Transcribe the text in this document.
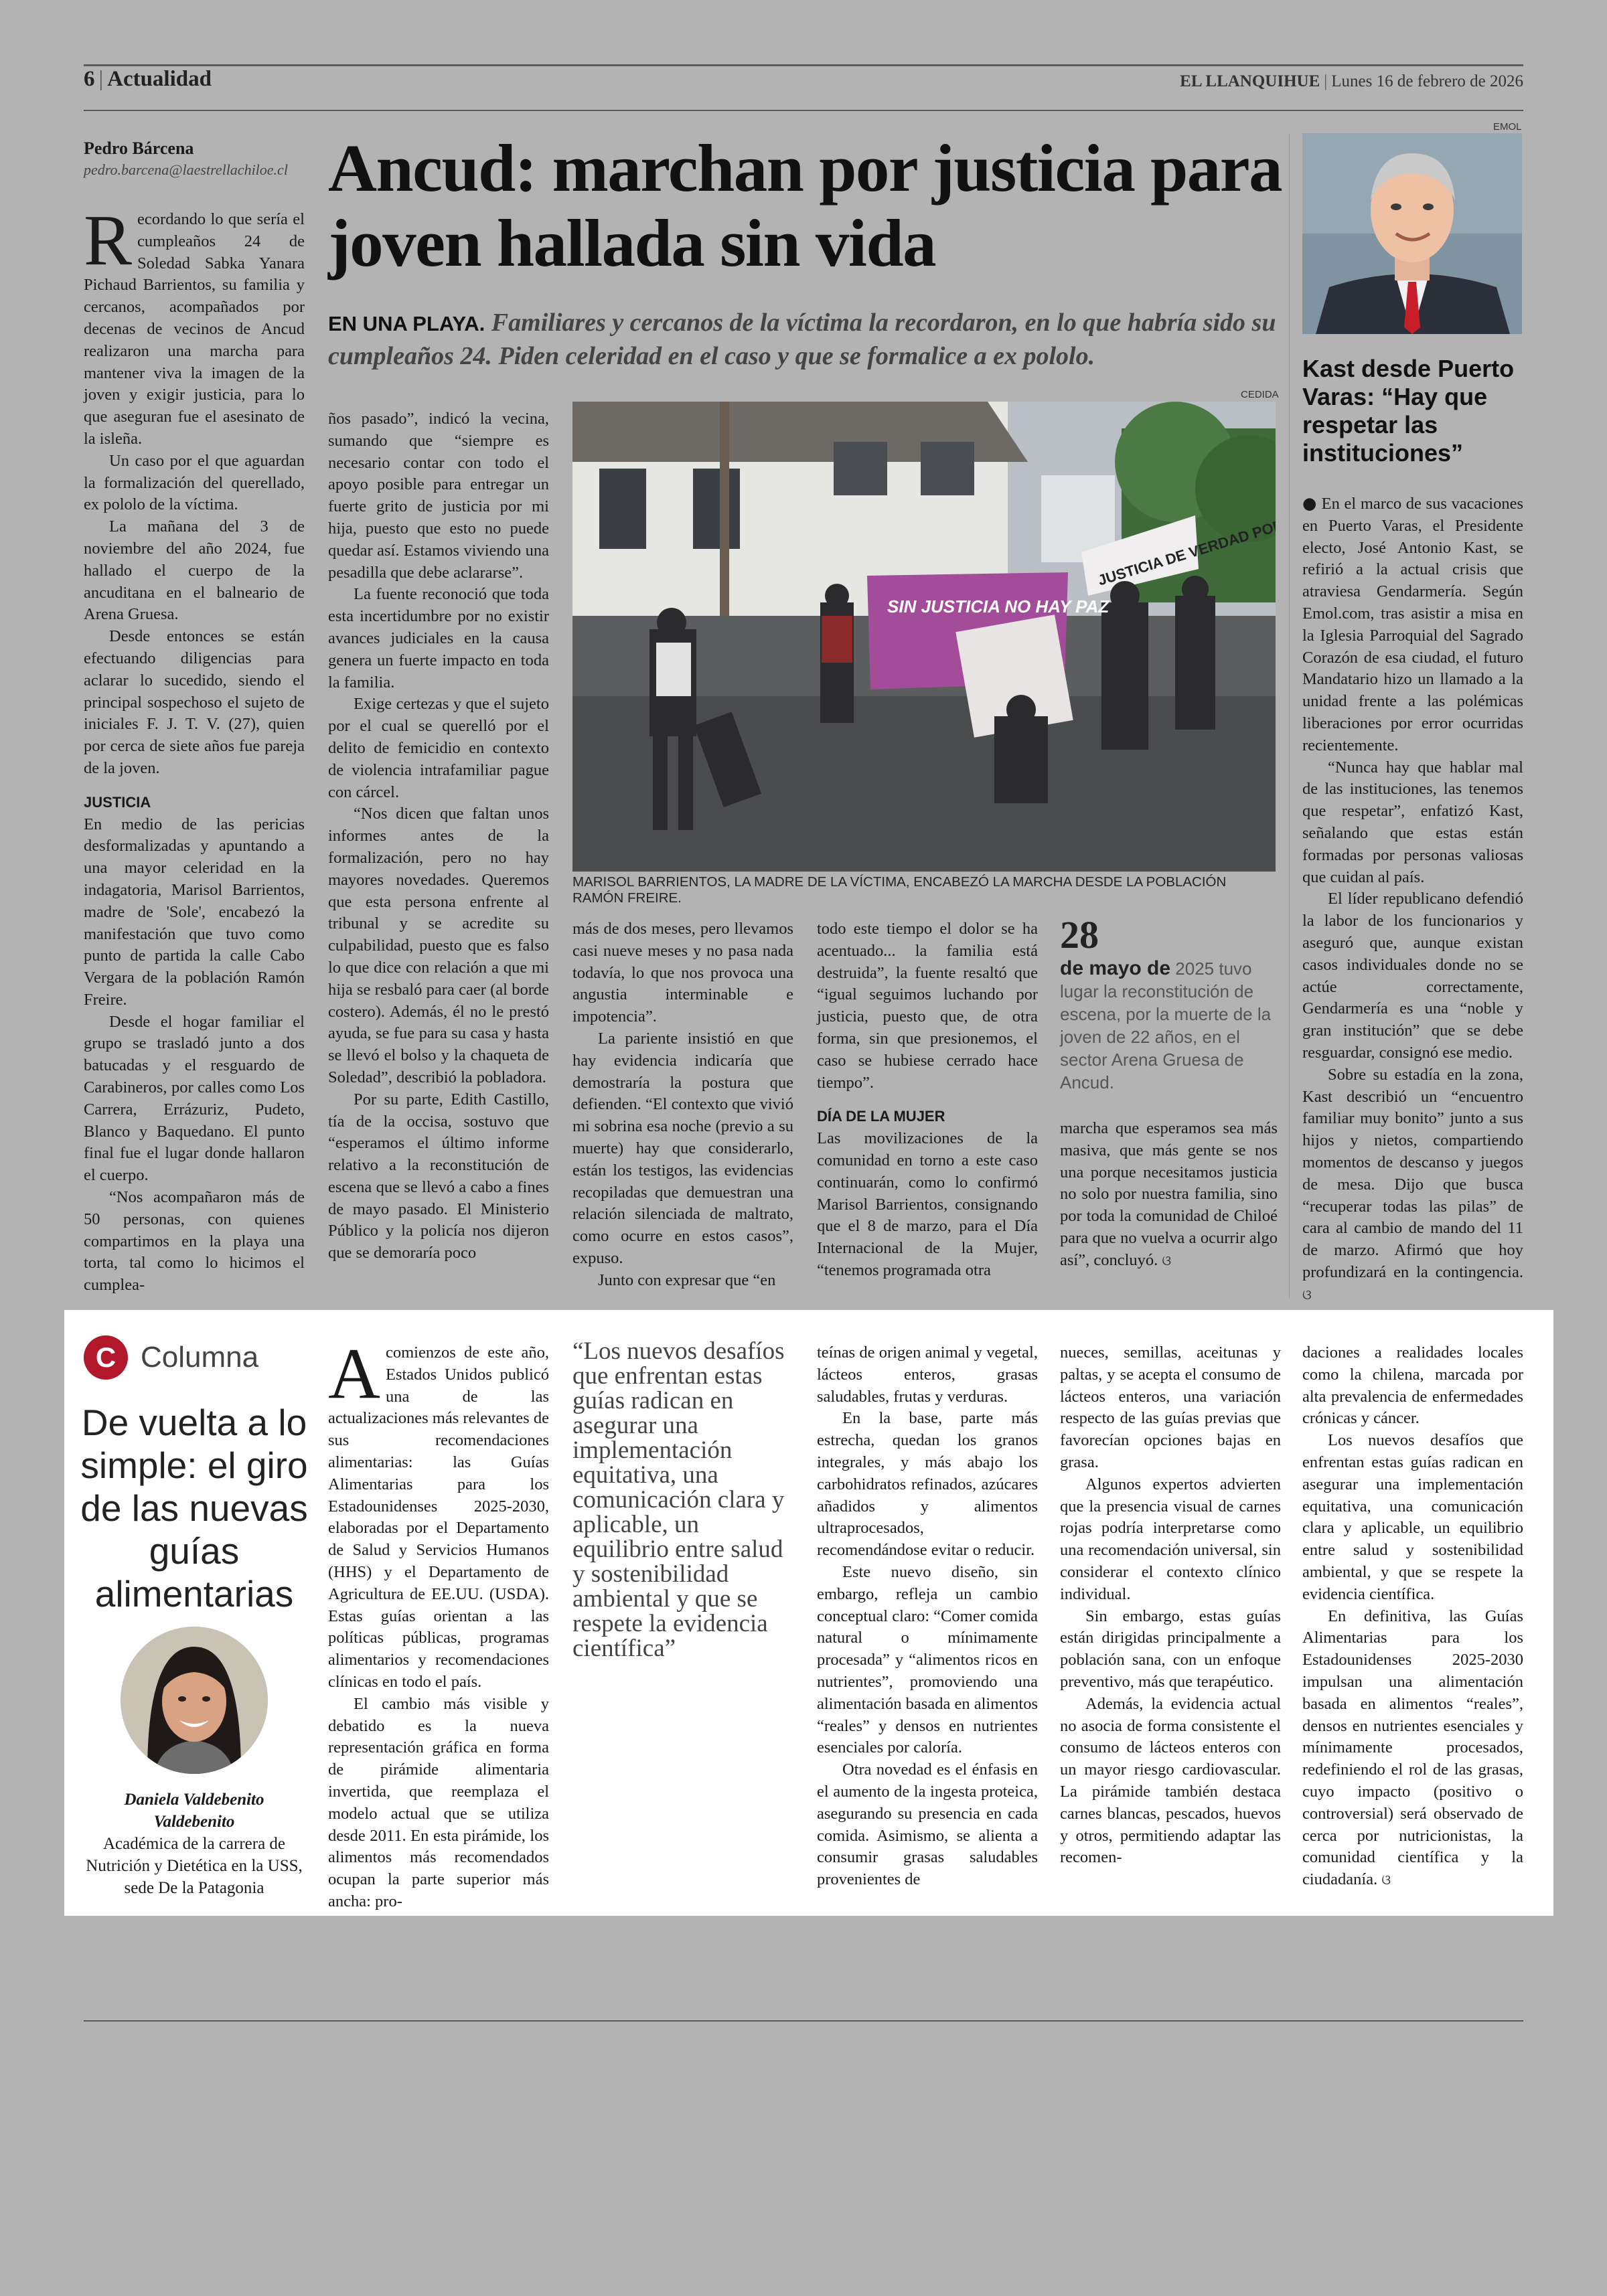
6 | Actualidad	EL LLANQUIHUE | Lunes 16 de febrero de 2026
Pedro Bárcena
pedro.barcena@laestrellachiloe.cl Ancud: marchan por justicia para joven hallada sin vida
EN UNA PLAYA. Familiares y cercanos de la víctima la recordaron, en lo que habría sido su cumpleaños 24. Piden celeridad en el caso y que se formalice a ex pololo.

Recordando lo que sería el cumpleaños 24 de Soledad Sabka Yanara Pichaud Barrientos, su familia y cercanos, acompañados por decenas de vecinos de Ancud realizaron una marcha para mantener viva la imagen de la joven y exigir justicia, para lo que aseguran fue el asesinato de la isleña.

Un caso por el que aguardan la formalización del querellado, ex pololo de la víctima.

La mañana del 3 de noviembre del año 2024, fue hallado el cuerpo de la ancuditana en el balneario de Arena Gruesa.

Desde entonces se están efectuando diligencias para aclarar lo sucedido, siendo el principal sospechoso el sujeto de iniciales F. J. T. V. (27), quien por cerca de siete años fue pareja de la joven.

JUSTICIA

En medio de las pericias desformalizadas y apuntando a una mayor celeridad en la indagatoria, Marisol Barrientos, madre de 'Sole', encabezó la manifestación que tuvo como punto de partida la calle Cabo Vergara de la población Ramón Freire.

Desde el hogar familiar el grupo se trasladó junto a dos batucadas y el resguardo de Carabineros, por calles como Los Carrera, Errázuriz, Pudeto, Blanco y Baquedano. El punto final fue el lugar donde hallaron el cuerpo.

“Nos acompañaron más de 50 personas, con quienes compartimos en la playa una torta, tal como lo hicimos el cumplea-

CEDIDA
SIN JUSTICIA NO HAY PAZ
JUSTICIA DE VERDAD POR
MARISOL BARRIENTOS, LA MADRE DE LA VÍCTIMA, ENCABEZÓ LA MARCHA DESDE LA POBLACIÓN RAMÓN FREIRE.

ños pasado”, indicó la vecina, sumando que “siempre es necesario contar con todo el apoyo posible para entregar un fuerte grito de justicia por mi hija, puesto que esto no puede quedar así. Estamos viviendo una pesadilla que debe aclararse”.

La fuente reconoció que toda esta incertidumbre por no existir avances judiciales en la causa genera un fuerte impacto en toda la familia.

Exige certezas y que el sujeto por el cual se querelló por el delito de femicidio en contexto de violencia intrafamiliar pague con cárcel.

“Nos dicen que faltan unos informes antes de la formalización, pero no hay mayores novedades. Queremos que esta persona enfrente al tribunal y se acredite su culpabilidad, puesto que es falso lo que dice con relación a que mi hija se resbaló para caer (al borde costero). Además, él no le prestó ayuda, se fue para su casa y hasta se llevó el bolso y la chaqueta de Soledad”, describió la pobladora.

Por su parte, Edith Castillo, tía de la occisa, sostuvo que “esperamos el último informe relativo a la reconstitución de escena que se llevó a cabo a fines de mayo pasado. El Ministerio Público y la policía nos dijeron que se demoraría poco

más de dos meses, pero llevamos casi nueve meses y no pasa nada todavía, lo que nos provoca una angustia interminable e impotencia”.

La pariente insistió en que hay evidencia indicaría que demostraría la postura que defienden. “El contexto que vivió mi sobrina esa noche (previo a su muerte) hay que considerarlo, están los testigos, las evidencias recopiladas que demuestran una relación silenciada de maltrato, como ocurre en estos casos”, expuso.

Junto con expresar que “en

todo este tiempo el dolor se ha acentuado... la familia está destruida”, la fuente resaltó que “igual seguimos luchando por justicia, puesto que, de otra forma, sin que presionemos, el caso se hubiese cerrado hace tiempo”.

DÍA DE LA MUJER

Las movilizaciones de la comunidad en torno a este caso continuarán, como lo confirmó Marisol Barrientos, consignando que el 8 de marzo, para el Día Internacional de la Mujer, “tenemos programada otra

28
de mayo de 2025 tuvo lugar la reconstitución de escena, por la muerte de la joven de 22 años, en el sector Arena Gruesa de Ancud.

marcha que esperamos sea más masiva, que más gente se nos una porque necesitamos justicia no solo por nuestra familia, sino por toda la comunidad de Chiloé para que no vuelva a ocurrir algo así”, concluyó. ଓ

EMOL
Kast desde Puerto Varas: “Hay que respetar las instituciones”

● En el marco de sus vacaciones en Puerto Varas, el Presidente electo, José Antonio Kast, se refirió a la actual crisis que atraviesa Gendarmería. Según Emol.com, tras asistir a misa en la Iglesia Parroquial del Sagrado Corazón de esa ciudad, el futuro Mandatario hizo un llamado a la unidad frente a las polémicas liberaciones por error ocurridas recientemente.

“Nunca hay que hablar mal de las instituciones, las tenemos que respetar”, enfatizó Kast, señalando que estas están formadas por personas valiosas que cuidan al país.

El líder republicano defendió la labor de los funcionarios y aseguró que, aunque existan casos individuales donde no se actúe correctamente, Gendarmería es una “noble y gran institución” que se debe resguardar, consignó ese medio.

Sobre su estadía en la zona, Kast describió un “encuentro familiar muy bonito” junto a sus hijos y nietos, compartiendo momentos de descanso y juegos de mesa. Dijo que busca “recuperar todas las pilas” de cara al cambio de mando del 11 de marzo. Afirmó que hoy profundizará en la contingencia. ଓ

C Columna
De vuelta a lo simple: el giro de las nuevas guías alimentarias
Daniela Valdebenito Valdebenito
Académica de la carrera de Nutrición y Dietética en la USS, sede De la Patagonia

Acomienzos de este año, Estados Unidos publicó una de las actualizaciones más relevantes de sus recomendaciones alimentarias: las Guías Alimentarias para los Estadounidenses 2025-2030, elaboradas por el Departamento de Salud y Servicios Humanos (HHS) y el Departamento de Agricultura de EE.UU. (USDA). Estas guías orientan a las políticas públicas, programas alimentarios y recomendaciones clínicas en todo el país.

El cambio más visible y debatido es la nueva representación gráfica en forma de pirámide alimentaria invertida, que reemplaza el modelo actual que se utiliza desde 2011. En esta pirámide, los alimentos más recomendados ocupan la parte superior más ancha: pro-

“Los nuevos desafíos que enfrentan estas guías radican en asegurar una implementación equitativa, una comunicación clara y aplicable, un equilibrio entre salud y sostenibilidad ambiental y que se respete la evidencia científica”

teínas de origen animal y vegetal, lácteos enteros, grasas saludables, frutas y verduras.

En la base, parte más estrecha, quedan los granos integrales, y más abajo los carbohidratos refinados, azúcares añadidos y alimentos ultraprocesados, recomendándose evitar o reducir.

Este nuevo diseño, sin embargo, refleja un cambio conceptual claro: “Comer comida natural o mínimamente procesada” y “alimentos ricos en nutrientes”, promoviendo una alimentación basada en alimentos “reales” y densos en nutrientes esenciales por caloría.

Otra novedad es el énfasis en el aumento de la ingesta proteica, asegurando su presencia en cada comida. Asimismo, se alienta a consumir grasas saludables provenientes de

nueces, semillas, aceitunas y paltas, y se acepta el consumo de lácteos enteros, una variación respecto de las guías previas que favorecían opciones bajas en grasa.

Algunos expertos advierten que la presencia visual de carnes rojas podría interpretarse como una recomendación universal, sin considerar el contexto clínico individual.

Sin embargo, estas guías están dirigidas principalmente a población sana, con un enfoque preventivo, más que terapéutico.

Además, la evidencia actual no asocia de forma consistente el consumo de lácteos enteros con un mayor riesgo cardiovascular. La pirámide también destaca carnes blancas, pescados, huevos y otros, permitiendo adaptar las recomen-

daciones a realidades locales como la chilena, marcada por alta prevalencia de enfermedades crónicas y cáncer.

Los nuevos desafíos que enfrentan estas guías radican en asegurar una implementación equitativa, una comunicación clara y aplicable, un equilibrio entre salud y sostenibilidad ambiental, y que se respete la evidencia científica.

En definitiva, las Guías Alimentarias para los Estadounidenses 2025-2030 impulsan una alimentación basada en alimentos “reales”, densos en nutrientes esenciales y mínimamente procesados, redefiniendo el rol de las grasas, cuyo impacto (positivo o controversial) será observado de cerca por nutricionistas, la comunidad científica y la ciudadanía. ଓ
